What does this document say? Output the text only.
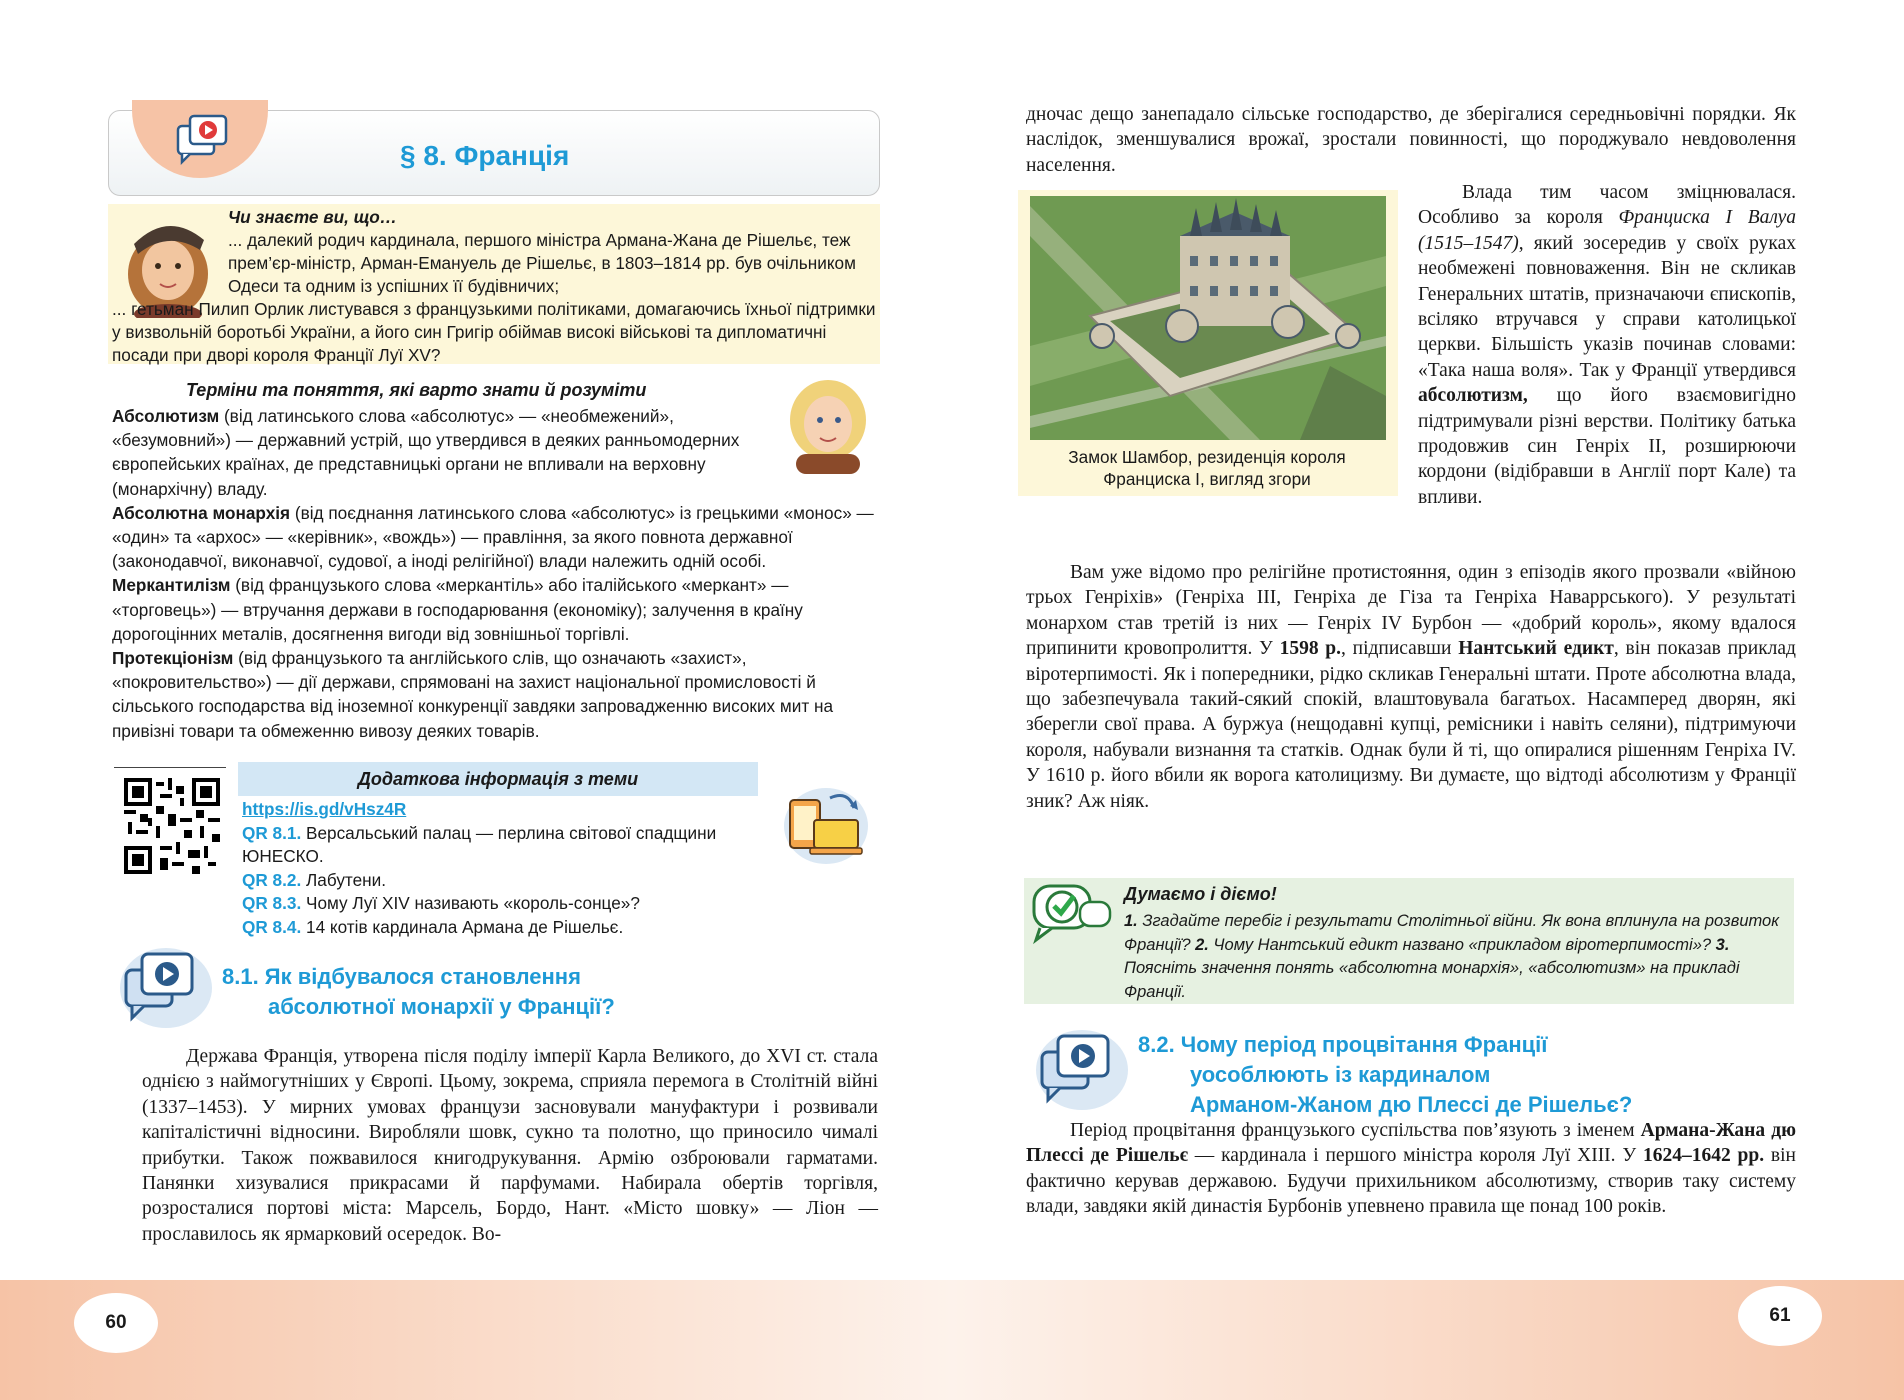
60
§ 8. Франція
Чи знаєте ви, що…
... далекий родич кардинала, першого міністра Армана-Жана де Рішельє, теж прем’єр-міністр, Арман-Емануель де Рішельє, в 1803–1814 рр. був очільником Одеси та одним із успішних її будівничих;
... гетьман Пилип Орлик листувався з французькими політиками, домагаючись їхньої підтримки у визвольній боротьбі України, а його син Григір обіймав високі військові та дипломатичні посади при дворі короля Франції Луї XV?
Терміни та поняття, які варто знати й розуміти

Абсолютизм (від латинського слова «абсолютус» — «необмежений», «безумовний») — державний устрій, що утвердився в деяких ранньомодерних європейських країнах, де представницькі органи не впливали на верховну (монархічну) владу.

Абсолютна монархія (від поєднання латинського слова «абсолютус» із грецькими «монос» — «один» та «архос» — «керівник», «вождь») — правління, за якого повнота державної (законодавчої, виконавчої, судової, а іноді релігійної) влади належить одній особі.

Меркантилізм (від французького слова «меркантіль» або італійського «меркант» — «торговець») — втручання держави в господарювання (економіку); залучення в країну дорогоцінних металів, досягнення вигоди від зовнішньої торгівлі.

Протекціонізм (від французького та англійського слів, що означають «захист», «покровительство») — дії держави, спрямовані на захист національної промисловості й сільського господарства від іноземної конкуренції завдяки запровадженню високих мит на привізні товари та обмеженню вивозу деяких товарів.

Додаткова інформація з теми
https://is.gd/vHsz4R
QR 8.1. Версальський палац — перлина світової спадщини ЮНЕСКО.
QR 8.2. Лабутени.
QR 8.3. Чому Луї XIV називають «король-сонце»?
QR 8.4. 14 котів кардинала Армана де Рішельє.
8.1. Як відбувалося становлення
абсолютної монархії у Франції?

Держава Франція, утворена після поділу імперії Карла Великого, до XVI ст. стала однією з наймогутніших у Європі. Цьому, зокрема, сприяла перемога в Столітній війні (1337–1453). У мирних умовах французи засновували мануфактури і розвивали капіталістичні відносини. Виробляли шовк, сукно та полотно, що приносило чималі прибутки. Також пожвавилося книгодрукування. Армію озброювали гарматами. Панянки хизувалися прикрасами й парфумами. Набирала обертів торгівля, розросталися портові міста: Марсель, Бордо, Нант. «Місто шовку» — Ліон — прославилось як ярмарковий осередок. Во-

61

дночас дещо занепадало сільське господарство, де зберігалися середньовічні порядки. Як наслідок, зменшувалися врожаї, зростали повинності, що породжувало невдоволення населення.

Замок Шамбор, резиденція короля Франциска І, вигляд згори

Влада тим часом зміцнювалася. Особливо за короля Франциска I Валуа (1515–1547), який зосередив у своїх руках необмежені повноваження. Він не скликав Генеральних штатів, призначаючи єпископів, всіляко втручався у справи католицької церкви. Більшість указів починав словами: «Така наша воля». Так у Франції утвердився абсолютизм, що його взаємовигідно підтримували різні верстви. Політику батька продовжив син Генріх II, розширюючи кордони (відібравши в Англії порт Кале) та впливи.

Вам уже відомо про релігійне протистояння, один з епізодів якого прозвали «війною трьох Генріхів» (Генріха III, Генріха де Гіза та Генріха Наваррського). У результаті монархом став третій із них — Генріх IV Бурбон — «добрий король», якому вдалося припинити кровопролиття. У 1598 р., підписавши Нантський едикт, він показав приклад віротерпимості. Як і попередники, рідко скликав Генеральні штати. Проте абсолютна влада, що забезпечувала такий-сякий спокій, влаштовувала багатьох. Насамперед дворян, які зберегли свої права. А буржуа (нещодавні купці, ремісники і навіть селяни), підтримуючи короля, набували визнання та статків. Однак були й ті, що опиралися рішенням Генріха IV. У 1610 р. його вбили як ворога католицизму. Ви думаєте, що відтоді абсолютизм у Франції зник? Аж ніяк.

Думаємо і діємо!
1. Згадайте перебіг і результати Столітньої війни. Як вона вплинула на розвиток Франції? 2. Чому Нантський едикт названо «прикладом віротерпимості»? 3. Поясніть значення понять «абсолютна монархія», «абсолютизм» на прикладі Франції.
8.2. Чому період процвітання Франції
уособлюють із кардиналом
Арманом-Жаном дю Плессі де Рішельє?

Період процвітання французького суспільства пов’язують з іменем Армана-Жана дю Плессі де Рішельє — кардинала і першого міністра короля Луї XIII. У 1624–1642 рр. він фактично керував державою. Будучи прихильником абсолютизму, створив таку систему влади, завдяки якій династія Бурбонів упевнено правила ще понад 100 років.
